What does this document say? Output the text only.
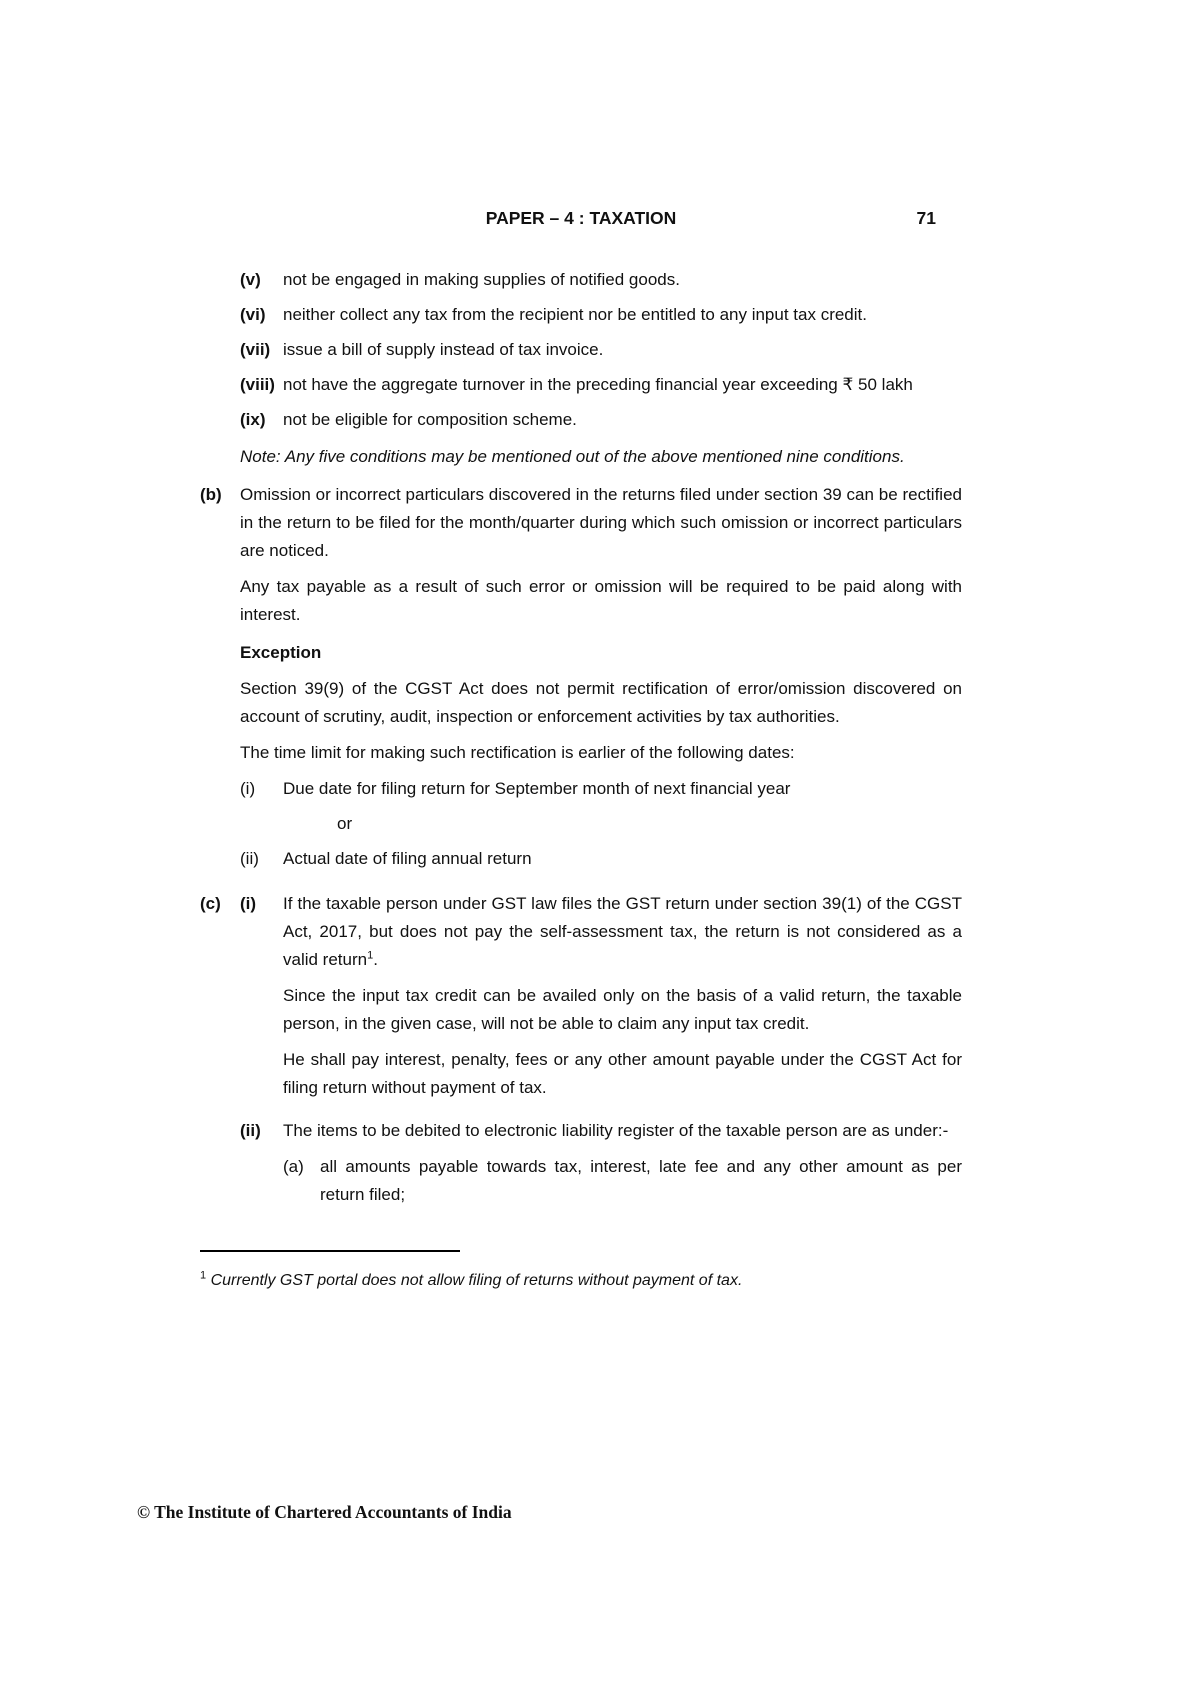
PAPER – 4 : TAXATION	71
(v)	not be engaged in making supplies of notified goods.
(vi)	neither collect any tax from the recipient nor be entitled to any input tax credit.
(vii) issue a bill of supply instead of tax invoice.
(viii) not have the aggregate turnover in the preceding financial year exceeding ₹ 50 lakh
(ix)	not be eligible for composition scheme.

Note: Any five conditions may be mentioned out of the above mentioned nine conditions.

(b)	Omission or incorrect particulars discovered in the returns filed under section 39 can be rectified in the return to be filed for the month/quarter during which such omission or incorrect particulars are noticed.

Any tax payable as a result of such error or omission will be required to be paid along with interest.

Exception

Section 39(9) of the CGST Act does not permit rectification of error/omission discovered on account of scrutiny, audit, inspection or enforcement activities by tax authorities.

The time limit for making such rectification is earlier of the following dates:

(i)	Due date for filing return for September month of next financial year
or
(ii)	Actual date of filing annual return
(c)	(i)	If the taxable person under GST law files the GST return under section 39(1) of the CGST Act, 2017, but does not pay the self-assessment tax, the return is not considered as a valid return$^1$.

Since the input tax credit can be availed only on the basis of a valid return, the taxable person, in the given case, will not be able to claim any input tax credit.

He shall pay interest, penalty, fees or any other amount payable under the CGST Act for filing return without payment of tax.

(ii)	The items to be debited to electronic liability register of the taxable person are as under:-

(a) all amounts payable towards tax, interest, late fee and any other amount as per return filed;

$^1$ Currently GST portal does not allow filing of returns without payment of tax.

© The Institute of Chartered Accountants of India
